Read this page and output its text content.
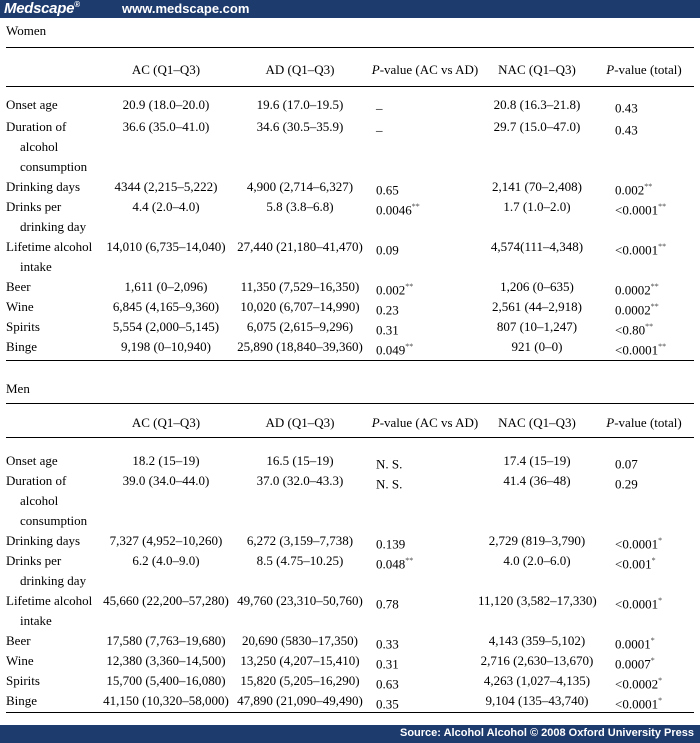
Medscape®	www.medscape.com
Women
AC (Q1–Q3)	AD (Q1–Q3)	P-value (AC vs AD)	NAC (Q1–Q3)	P-value (total)
Onset age	20.9 (18.0–20.0)	19.6 (17.0–19.5)	–	20.8 (16.3–21.8)	0.43
Duration of
alcohol
consumption
36.6 (35.0–41.0)	34.6 (30.5–35.9)	–	29.7 (15.0–47.0)	0.43
Drinking days	4344 (2,215–5,222)	4,900 (2,714–6,327)	0.65	2,141 (70–2,408)	0.002**
Drinks per
drinking day
4.4 (2.0–4.0)	5.8 (3.8–6.8)	0.0046**	1.7 (1.0–2.0)	<0.0001**
Lifetime alcohol
intake
14,010 (6,735–14,040) 27,440 (21,180–41,470)	0.09	4,574(111–4,348)	<0.0001**
Beer	1,611 (0–2,096)	11,350 (7,529–16,350)	0.002**	1,206 (0–635)	0.0002**
Wine	6,845 (4,165–9,360)	10,020 (6,707–14,990)	0.23	2,561 (44–2,918)	0.0002**
Spirits	5,554 (2,000–5,145)	6,075 (2,615–9,296)	0.31	807 (10–1,247)	<0.80**
Binge	9,198 (0–10,940)	25,890 (18,840–39,360)	0.049**	921 (0–0)	<0.0001**
Men
AC (Q1–Q3)	AD (Q1–Q3)	P-value (AC vs AD)	NAC (Q1–Q3)	P-value (total)
Onset age	18.2 (15–19)	16.5 (15–19)	N. S.	17.4 (15–19)	0.07
Duration of
alcohol
consumption
39.0 (34.0–44.0)	37.0 (32.0–43.3)	N. S.	41.4 (36–48)	0.29
Drinking days	7,327 (4,952–10,260)	6,272 (3,159–7,738)	0.139	2,729 (819–3,790)	<0.0001*
Drinks per
drinking day
6.2 (4.0–9.0)	8.5 (4.75–10.25)	0.048**	4.0 (2.0–6.0)	<0.001*
Lifetime alcohol
intake
45,660 (22,200–57,280) 49,760 (23,310–50,760)	0.78	11,120 (3,582–17,330) <0.0001*
Beer	17,580 (7,763–19,680)	20,690 (5830–17,350)	0.33	4,143 (359–5,102)	0.0001*
Wine	12,380 (3,360–14,500)	13,250 (4,207–15,410)	0.31	2,716 (2,630–13,670) 0.0007*
Spirits	15,700 (5,400–16,080)	15,820 (5,205–16,290)	0.63	4,263 (1,027–4,135)	<0.0002*
Binge	41,150 (10,320–58,000) 47,890 (21,090–49,490)	0.35	9,104 (135–43,740)	<0.0001*
Source: Alcohol Alcohol © 2008 Oxford University Press
